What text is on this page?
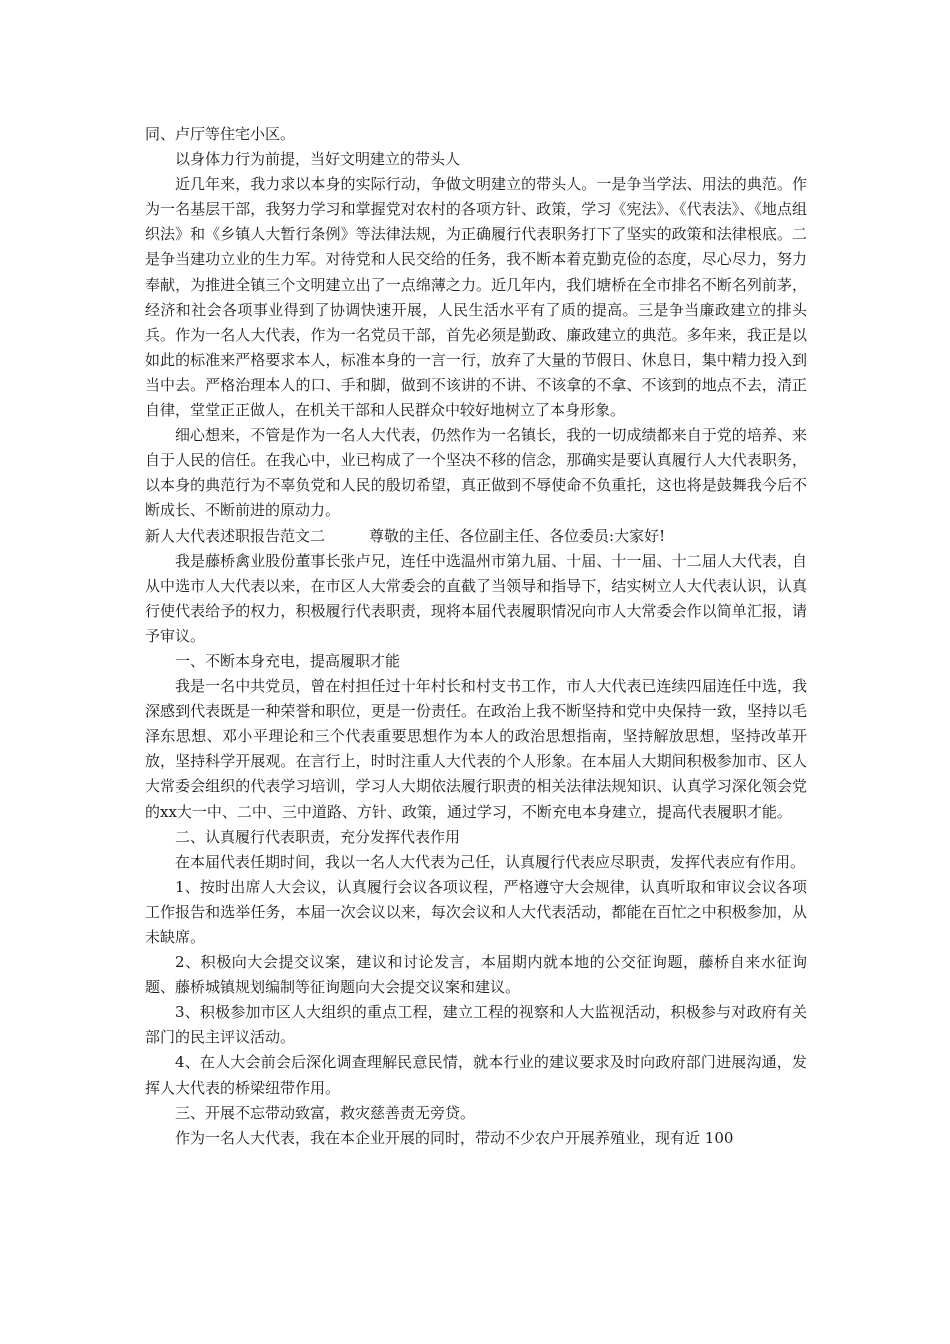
同、卢厅等住宅小区。

以身体力行为前提，当好文明建立的带头人

近几年来，我力求以本身的实际行动，争做文明建立的带头人。一是争当学法、用法的典范。作为一名基层干部，我努力学习和掌握党对农村的各项方针、政策，学习《宪法》、《代表法》、《地点组织法》和《乡镇人大暂行条例》等法律法规，为正确履行代表职务打下了坚实的政策和法律根底。二是争当建功立业的生力军。对待党和人民交给的任务，我不断本着克勤克俭的态度，尽心尽力，努力奉献，为推进全镇三个文明建立出了一点绵薄之力。近几年内，我们塘桥在全市排名不断名列前茅，经济和社会各项事业得到了协调快速开展，人民生活水平有了质的提高。三是争当廉政建立的排头兵。作为一名人大代表，作为一名党员干部，首先必须是勤政、廉政建立的典范。多年来，我正是以如此的标准来严格要求本人，标准本身的一言一行，放弃了大量的节假日、休息日，集中精力投入到当中去。严格治理本人的口、手和脚，做到不该讲的不讲、不该拿的不拿、不该到的地点不去，清正自律，堂堂正正做人，在机关干部和人民群众中较好地树立了本身形象。

细心想来，不管是作为一名人大代表，仍然作为一名镇长，我的一切成绩都来自于党的培养、来自于人民的信任。在我心中，业已构成了一个坚决不移的信念，那确实是要认真履行人大代表职务，以本身的典范行为不辜负党和人民的殷切希望，真正做到不辱使命不负重托，这也将是鼓舞我今后不断成长、不断前进的原动力。

新人大代表述职报告范文二	尊敬的主任、各位副主任、各位委员:大家好!

我是藤桥禽业股份董事长张卢兄，连任中选温州市第九届、十届、十一届、十二届人大代表，自从中选市人大代表以来，在市区人大常委会的直截了当领导和指导下，结实树立人大代表认识，认真行使代表给予的权力，积极履行代表职责，现将本届代表履职情况向市人大常委会作以简单汇报，请予审议。

一、不断本身充电，提高履职才能

我是一名中共党员，曾在村担任过十年村长和村支书工作，市人大代表已连续四届连任中选，我深感到代表既是一种荣誉和职位，更是一份责任。在政治上我不断坚持和党中央保持一致，坚持以毛泽东思想、邓小平理论和三个代表重要思想作为本人的政治思想指南，坚持解放思想，坚持改革开放，坚持科学开展观。在言行上，时时注重人大代表的个人形象。在本届人大期间积极参加市、区人大常委会组织的代表学习培训，学习人大期依法履行职责的相关法律法规知识、认真学习深化领会党的xx大一中、二中、三中道路、方针、政策，通过学习，不断充电本身建立，提高代表履职才能。

二、认真履行代表职责，充分发挥代表作用

在本届代表任期时间，我以一名人大代表为己任，认真履行代表应尽职责，发挥代表应有作用。

1、按时出席人大会议，认真履行会议各项议程，严格遵守大会规律，认真听取和审议会议各项工作报告和选举任务，本届一次会议以来，每次会议和人大代表活动，都能在百忙之中积极参加，从未缺席。

2、积极向大会提交议案，建议和讨论发言，本届期内就本地的公交征询题，藤桥自来水征询题、藤桥城镇规划编制等征询题向大会提交议案和建议。

3、积极参加市区人大组织的重点工程，建立工程的视察和人大监视活动，积极参与对政府有关部门的民主评议活动。

4、在人大会前会后深化调查理解民意民情，就本行业的建议要求及时向政府部门进展沟通，发挥人大代表的桥梁纽带作用。

三、开展不忘带动致富，救灾慈善责无旁贷。

作为一名人大代表，我在本企业开展的同时，带动不少农户开展养殖业，现有近 100
